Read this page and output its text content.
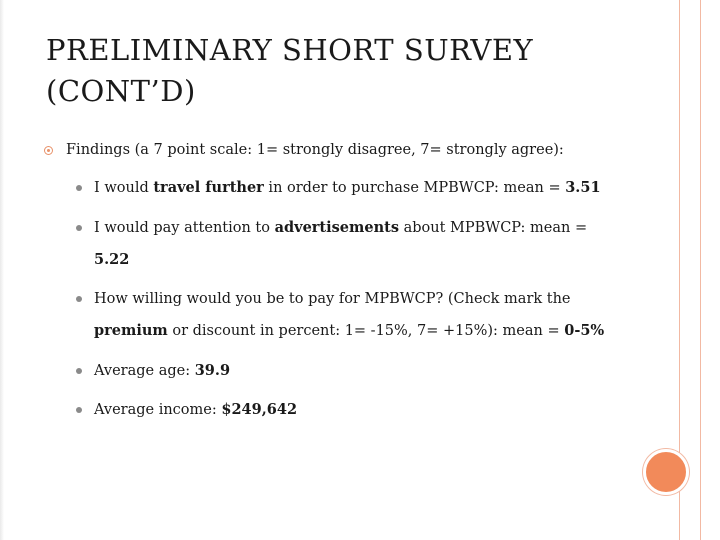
PRELIMINARY SHORT SURVEY
(CONT’D)
Findings (a 7 point scale: 1= strongly disagree, 7= strongly agree):
I would travel further in order to purchase MPBWCP: mean = 3.51
I would pay attention to advertisements about MPBWCP: mean =
5.22
How willing would you be to pay for MPBWCP? (Check mark the
premium or discount in percent: 1= -15%, 7= +15%): mean = 0-5%
Average age: 39.9
Average income: $249,642
